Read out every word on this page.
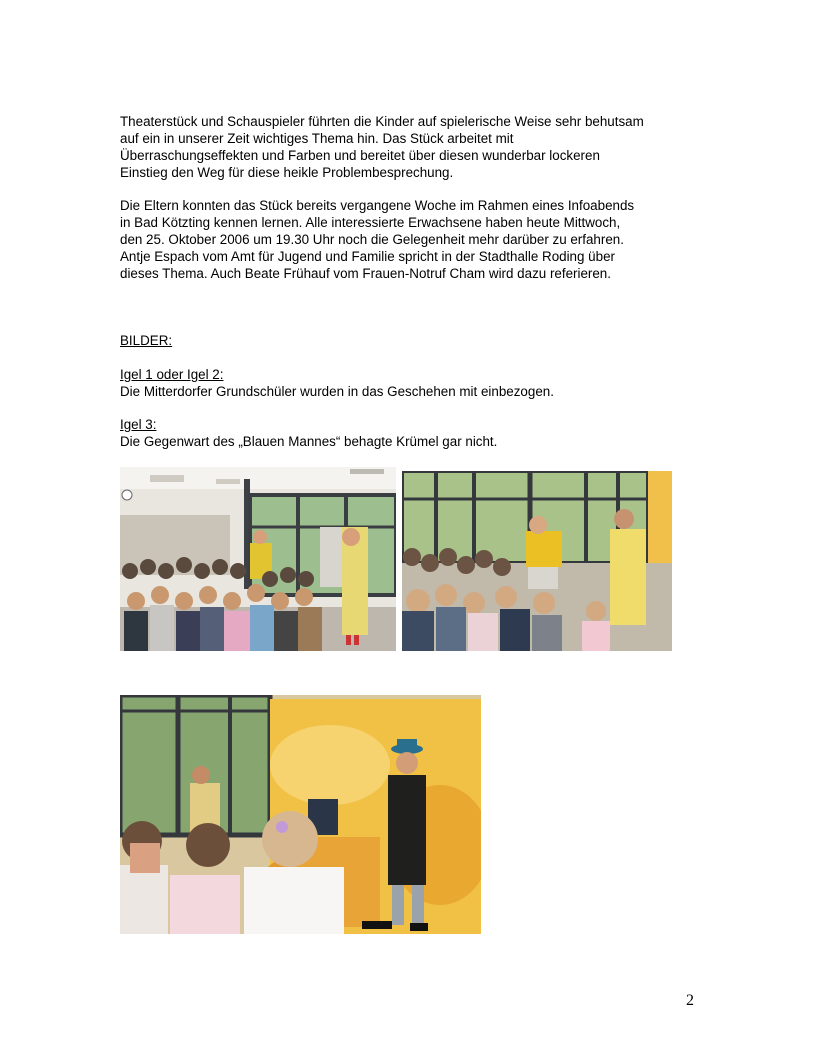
Theaterstück und Schauspieler führten die Kinder auf spielerische Weise sehr behutsam
auf ein in unserer Zeit wichtiges Thema hin. Das Stück arbeitet mit
Überraschungseffekten und Farben und bereitet über diesen wunderbar lockeren
Einstieg den Weg für diese heikle Problembesprechung.
Die Eltern konnten das Stück bereits vergangene Woche im Rahmen eines Infoabends
in Bad Kötzting kennen lernen. Alle interessierte Erwachsene haben heute Mittwoch,
den 25. Oktober 2006 um 19.30 Uhr noch die Gelegenheit mehr darüber zu erfahren.
Antje Espach vom Amt für Jugend und Familie spricht in der Stadthalle Roding über
dieses Thema. Auch Beate Frühauf vom Frauen-Notruf Cham wird dazu referieren.
BILDER:
Igel 1 oder Igel 2:
Die Mitterdorfer Grundschüler wurden in das Geschehen mit einbezogen.
Igel 3:
Die Gegenwart des „Blauen Mannes“ behagte Krümel gar nicht.
2
